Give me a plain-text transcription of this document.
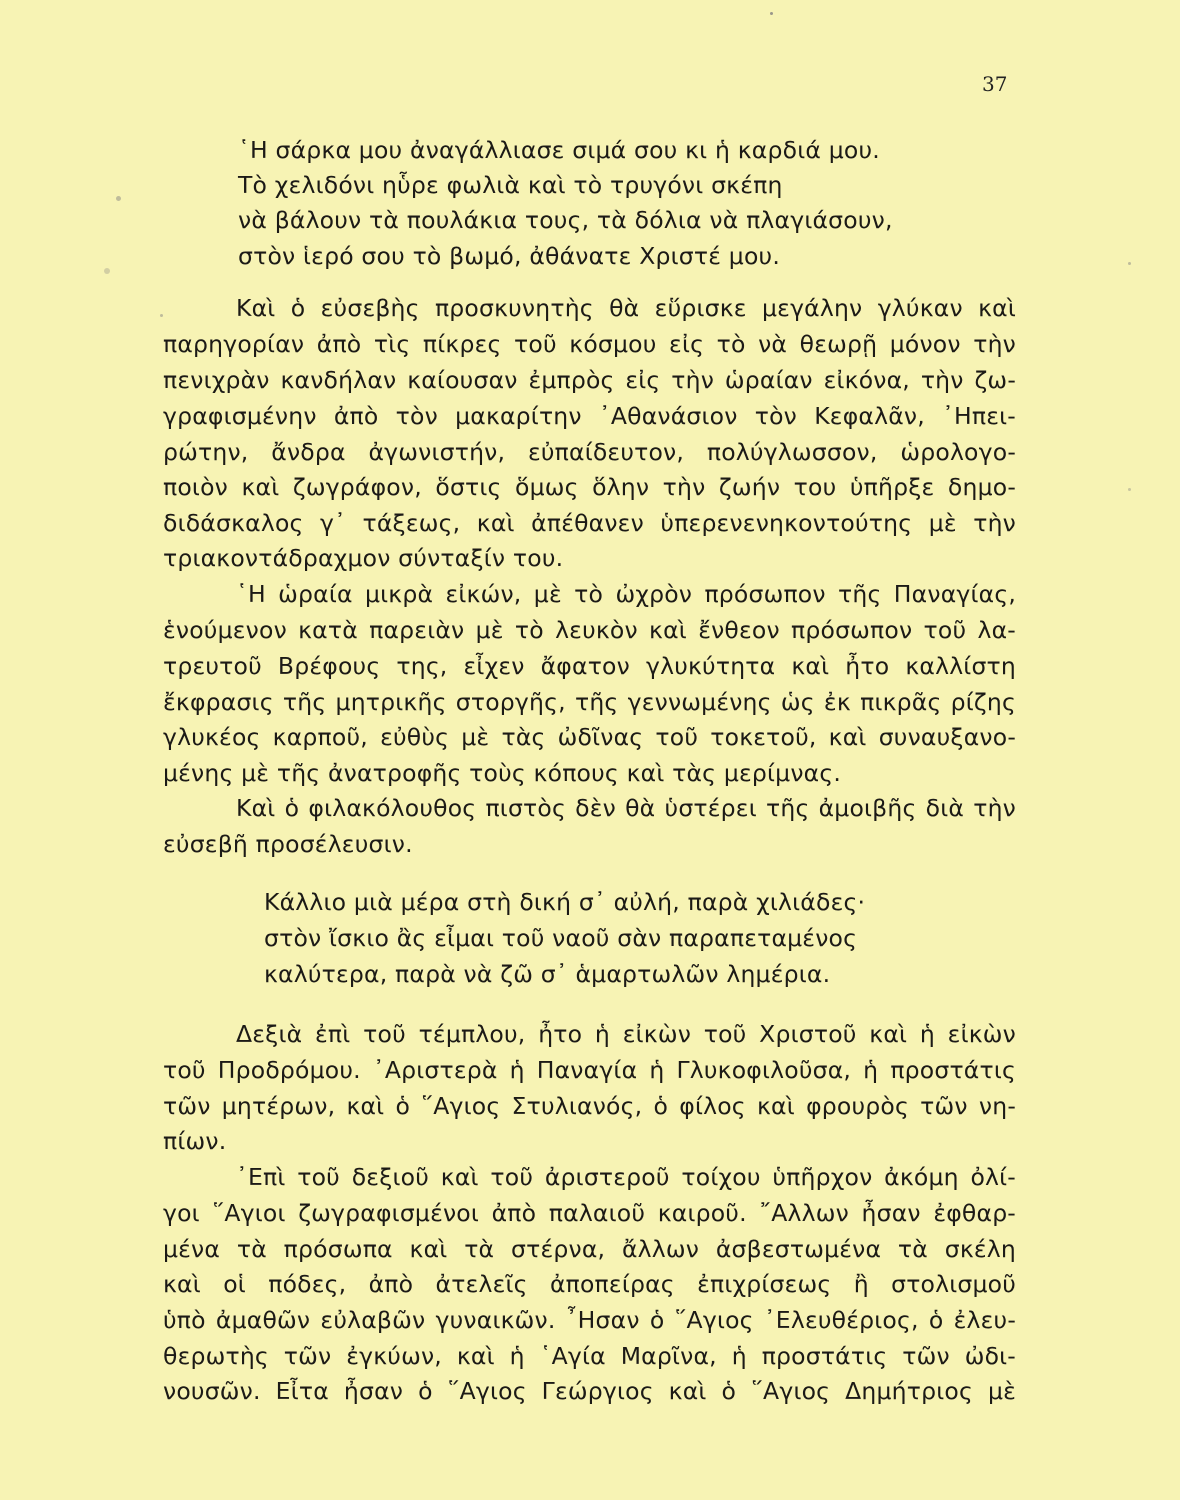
37
῾Η σάρκα μου ἀναγάλλιασε σιμά σου κι ἡ καρδιά μου.
Τὸ χελιδόνι ηὗρε φωλιὰ καὶ τὸ τρυγόνι σκέπη
νὰ βάλουν τὰ πουλάκια τους, τὰ δόλια νὰ πλαγιάσουν,
στὸν ἱερό σου τὸ βωμό, ἀθάνατε Χριστέ μου.
Καὶ ὁ εὐσεβὴς προσκυνητὴς θὰ εὕρισκε μεγάλην γλύκαν καὶ
παρηγορίαν ἀπὸ τὶς πίκρες τοῦ κόσμου εἰς τὸ νὰ θεωρῇ μόνον τὴν
πενιχρὰν κανδήλαν καίουσαν ἐμπρὸς εἰς τὴν ὡραίαν εἰκόνα, τὴν ζω-
γραφισμένην ἀπὸ τὸν μακαρίτην ᾿Αθανάσιον τὸν Κεφαλᾶν, ᾿Ηπει-
ρώτην, ἄνδρα ἀγωνιστήν, εὐπαίδευτον, πολύγλωσσον, ὡρολογο-
ποιὸν καὶ ζωγράφον, ὅστις ὅμως ὅλην τὴν ζωήν του ὑπῆρξε δημο-
διδάσκαλος γ᾿ τάξεως, καὶ ἀπέθανεν ὑπερενενηκοντούτης μὲ τὴν
τριακοντάδραχμον σύνταξίν του.
῾Η ὡραία μικρὰ εἰκών, μὲ τὸ ὠχρὸν πρόσωπον τῆς Παναγίας,
ἑνούμενον κατὰ παρειὰν μὲ τὸ λευκὸν καὶ ἔνθεον πρόσωπον τοῦ λα-
τρευτοῦ Βρέφους της, εἶχεν ἄφατον γλυκύτητα καὶ ἦτο καλλίστη
ἔκφρασις τῆς μητρικῆς στοργῆς, τῆς γεννωμένης ὡς ἐκ πικρᾶς ρίζης
γλυκέος καρποῦ, εὐθὺς μὲ τὰς ὠδῖνας τοῦ τοκετοῦ, καὶ συναυξανο-
μένης μὲ τῆς ἀνατροφῆς τοὺς κόπους καὶ τὰς μερίμνας.
Καὶ ὁ φιλακόλουθος πιστὸς δὲν θὰ ὑστέρει τῆς ἀμοιβῆς διὰ τὴν
εὐσεβῆ προσέλευσιν.
Κάλλιο μιὰ μέρα στὴ δική σ᾿ αὐλή, παρὰ χιλιάδες·
στὸν ἴσκιο ἂς εἶμαι τοῦ ναοῦ σὰν παραπεταμένος
καλύτερα, παρὰ νὰ ζῶ σ᾿ ἁμαρτωλῶν λημέρια.
Δεξιὰ ἐπὶ τοῦ τέμπλου, ἦτο ἡ εἰκὼν τοῦ Χριστοῦ καὶ ἡ εἰκὼν
τοῦ Προδρόμου. ᾿Αριστερὰ ἡ Παναγία ἡ Γλυκοφιλοῦσα, ἡ προστάτις
τῶν μητέρων, καὶ ὁ ῞Αγιος Στυλιανός, ὁ φίλος καὶ φρουρὸς τῶν νη-
πίων.
᾿Επὶ τοῦ δεξιοῦ καὶ τοῦ ἀριστεροῦ τοίχου ὑπῆρχον ἀκόμη ὀλί-
γοι ῞Αγιοι ζωγραφισμένοι ἀπὸ παλαιοῦ καιροῦ. ῎Αλλων ἦσαν ἐφθαρ-
μένα τὰ πρόσωπα καὶ τὰ στέρνα, ἄλλων ἀσβεστωμένα τὰ σκέλη
καὶ οἱ πόδες, ἀπὸ ἀτελεῖς ἀποπείρας ἐπιχρίσεως ἢ στολισμοῦ
ὑπὸ ἀμαθῶν εὐλαβῶν γυναικῶν. ῏Ησαν ὁ ῞Αγιος ᾿Ελευθέριος, ὁ ἐλευ-
θερωτὴς τῶν ἐγκύων, καὶ ἡ ῾Αγία Μαρῖνα, ἡ προστάτις τῶν ὠδι-
νουσῶν. Εἶτα ἦσαν ὁ ῞Αγιος Γεώργιος καὶ ὁ ῞Αγιος Δημήτριος μὲ
